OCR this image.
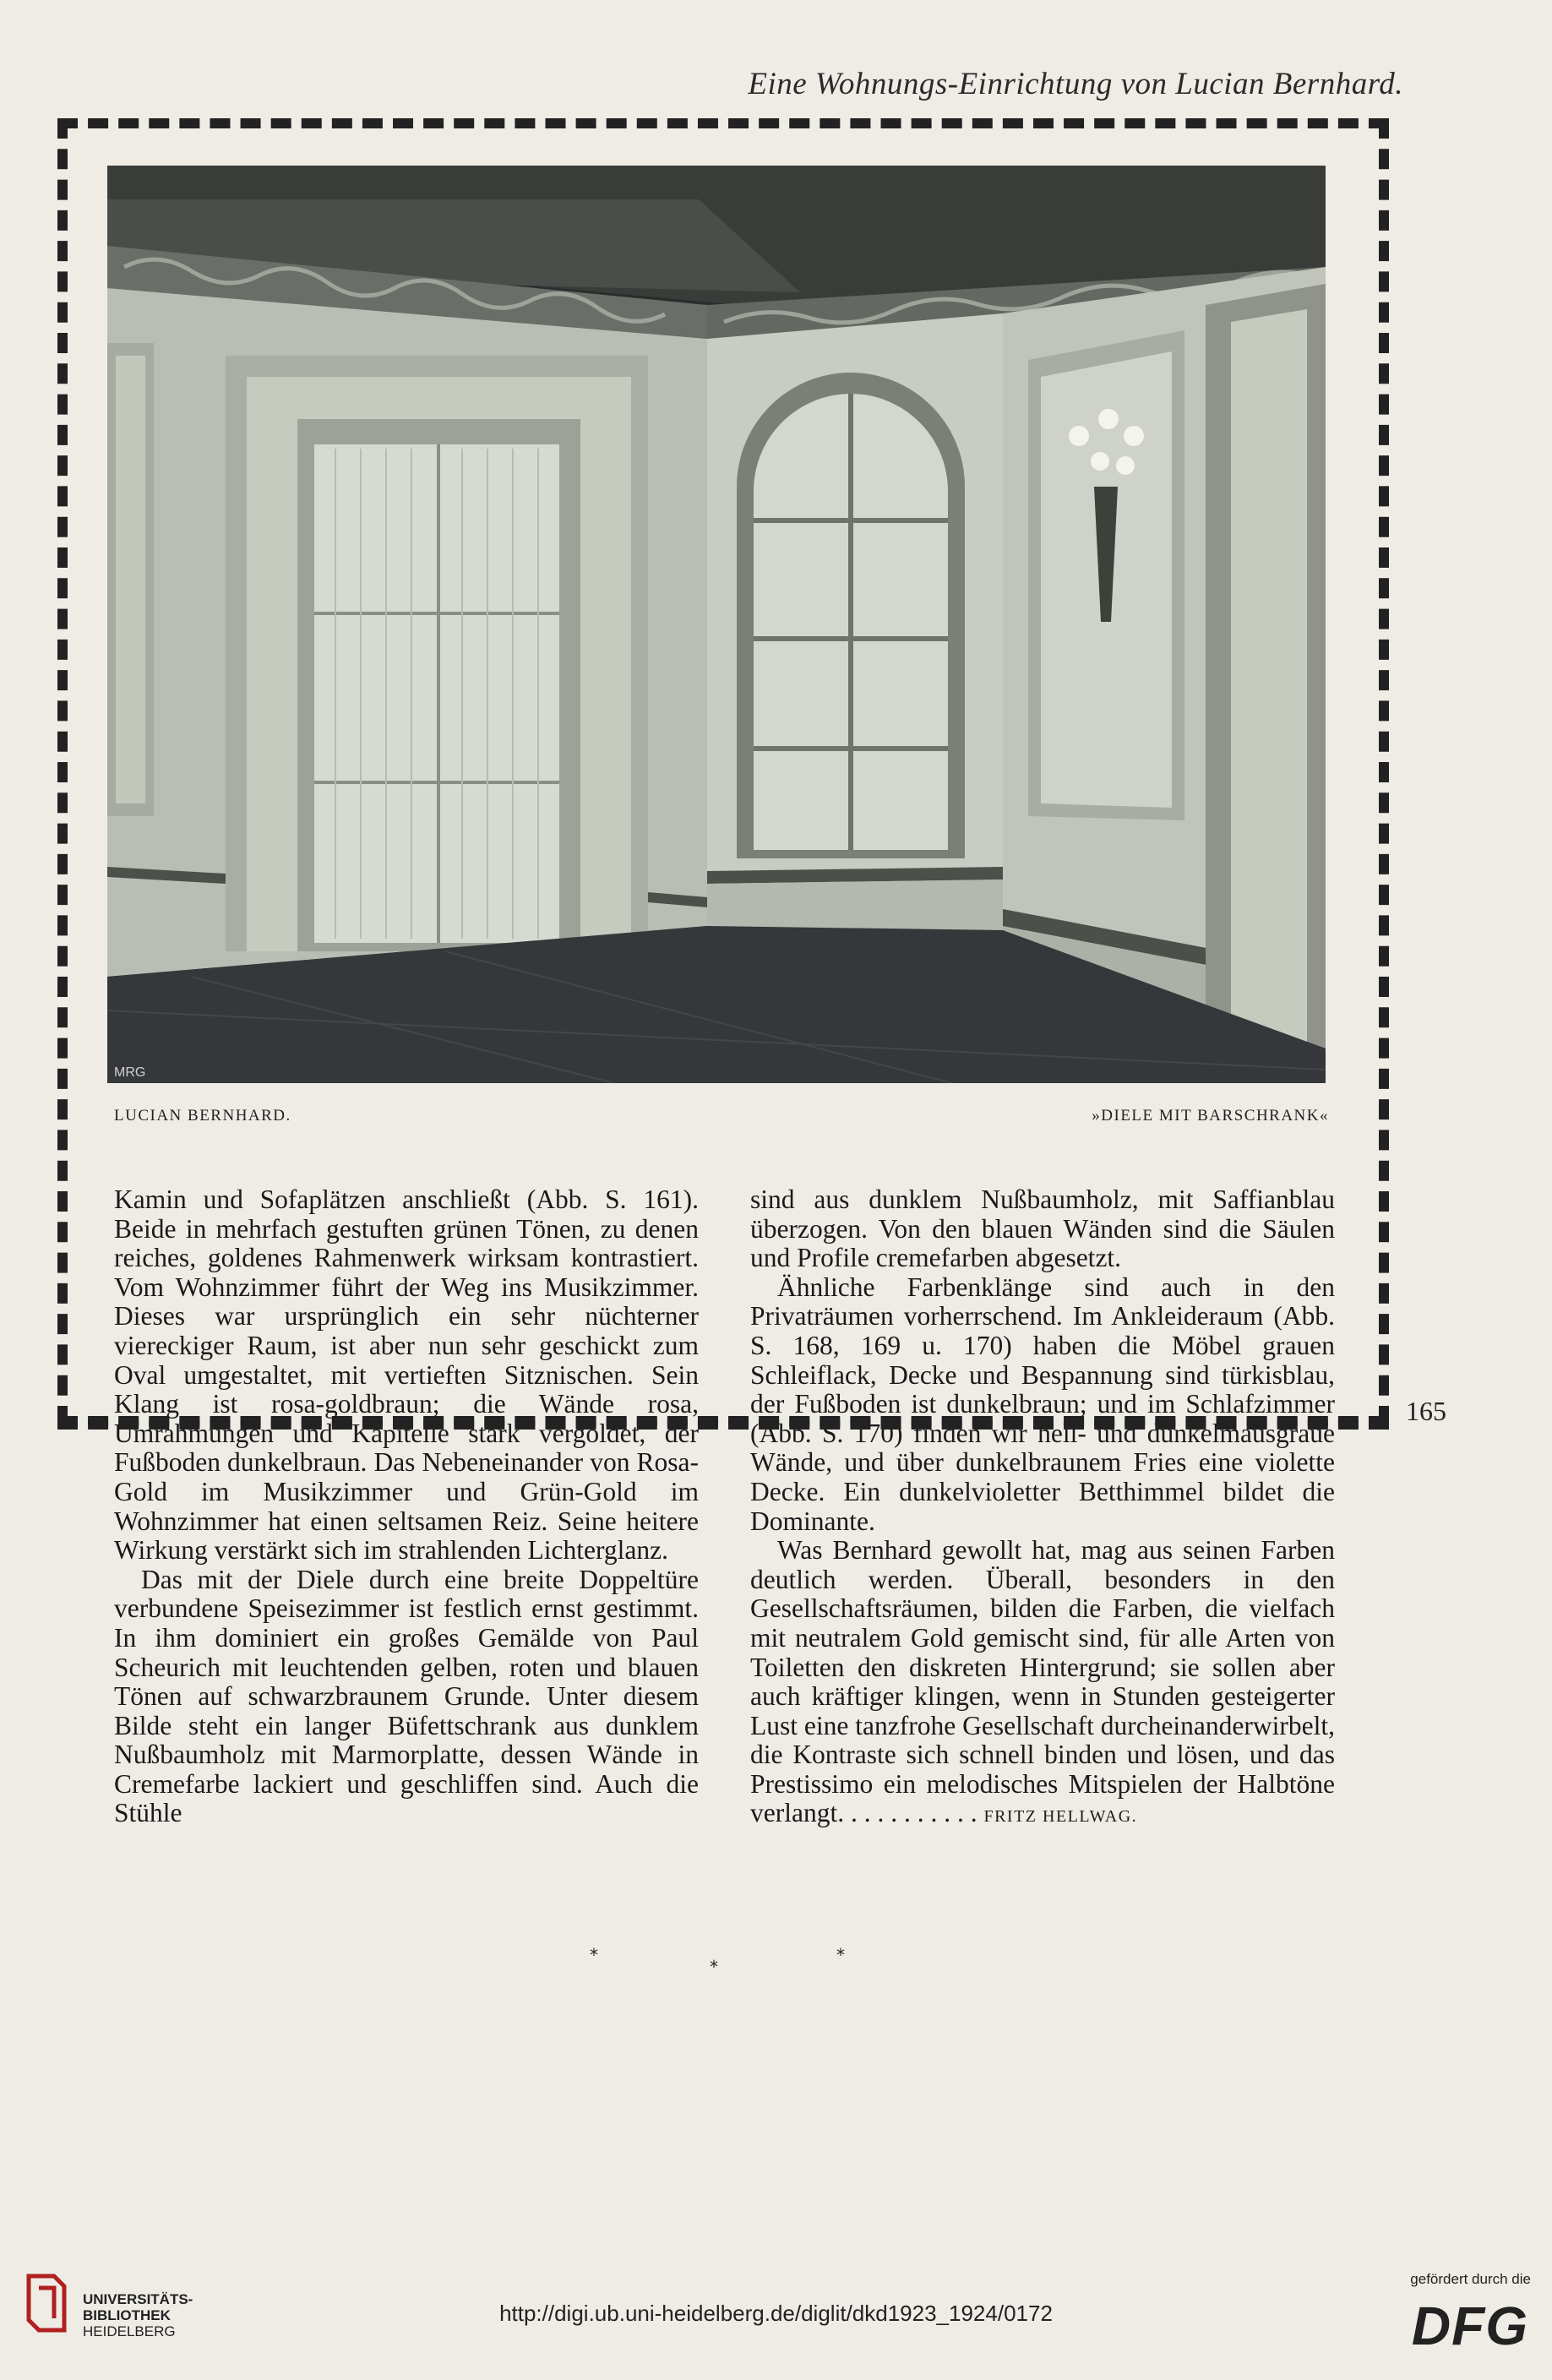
Eine Wohnungs-Einrichtung von Lucian Bernhard.
MRG
LUCIAN BERNHARD.	»DIELE MIT BARSCHRANK«

Kamin und Sofaplätzen anschließt (Abb. S. 161). Beide in mehrfach gestuften grünen Tönen, zu denen reiches, goldenes Rahmenwerk wirksam kontrastiert. Vom Wohnzimmer führt der Weg ins Musikzimmer. Dieses war ursprünglich ein sehr nüchterner viereckiger Raum, ist aber nun sehr geschickt zum Oval umgestaltet, mit vertieften Sitznischen. Sein Klang ist rosa-goldbraun; die Wände rosa, Umrahmungen und Kapitelle stark vergoldet, der Fußboden dunkelbraun. Das Nebeneinander von Rosa-Gold im Musikzimmer und Grün-Gold im Wohnzimmer hat einen seltsamen Reiz. Seine heitere Wirkung verstärkt sich im strahlenden Lichterglanz.

Das mit der Diele durch eine breite Doppeltüre verbundene Speisezimmer ist festlich ernst gestimmt. In ihm dominiert ein großes Gemälde von Paul Scheurich mit leuchtenden gelben, roten und blauen Tönen auf schwarzbraunem Grunde. Unter diesem Bilde steht ein langer Büfettschrank aus dunklem Nußbaumholz mit Marmorplatte, dessen Wände in Cremefarbe lackiert und geschliffen sind. Auch die Stühle

sind aus dunklem Nußbaumholz, mit Saffianblau überzogen. Von den blauen Wänden sind die Säulen und Profile cremefarben abgesetzt.

Ähnliche Farbenklänge sind auch in den Privaträumen vorherrschend. Im Ankleideraum (Abb. S. 168, 169 u. 170) haben die Möbel grauen Schleiflack, Decke und Bespannung sind türkisblau, der Fußboden ist dunkelbraun; und im Schlafzimmer (Abb. S. 170) finden wir hell- und dunkelmausgraue Wände, und über dunkelbraunem Fries eine violette Decke. Ein dunkelvioletter Betthimmel bildet die Dominante.

Was Bernhard gewollt hat, mag aus seinen Farben deutlich werden. Überall, besonders in den Gesellschaftsräumen, bilden die Farben, die vielfach mit neutralem Gold gemischt sind, für alle Arten von Toiletten den diskreten Hintergrund; sie sollen aber auch kräftiger klingen, wenn in Stunden gesteigerter Lust eine tanzfrohe Gesellschaft durcheinanderwirbelt, die Kontraste sich schnell binden und lösen, und das Prestissimo ein melodisches Mitspielen der Halbtöne verlangt. . . . . . . . . . . FRITZ HELLWAG.

*
*
*
165
UNIVERSITÄTS-
BIBLIOTHEK
HEIDELBERG
http://digi.ub.uni-heidelberg.de/diglit/dkd1923_1924/0172
gefördert durch die
DFG
